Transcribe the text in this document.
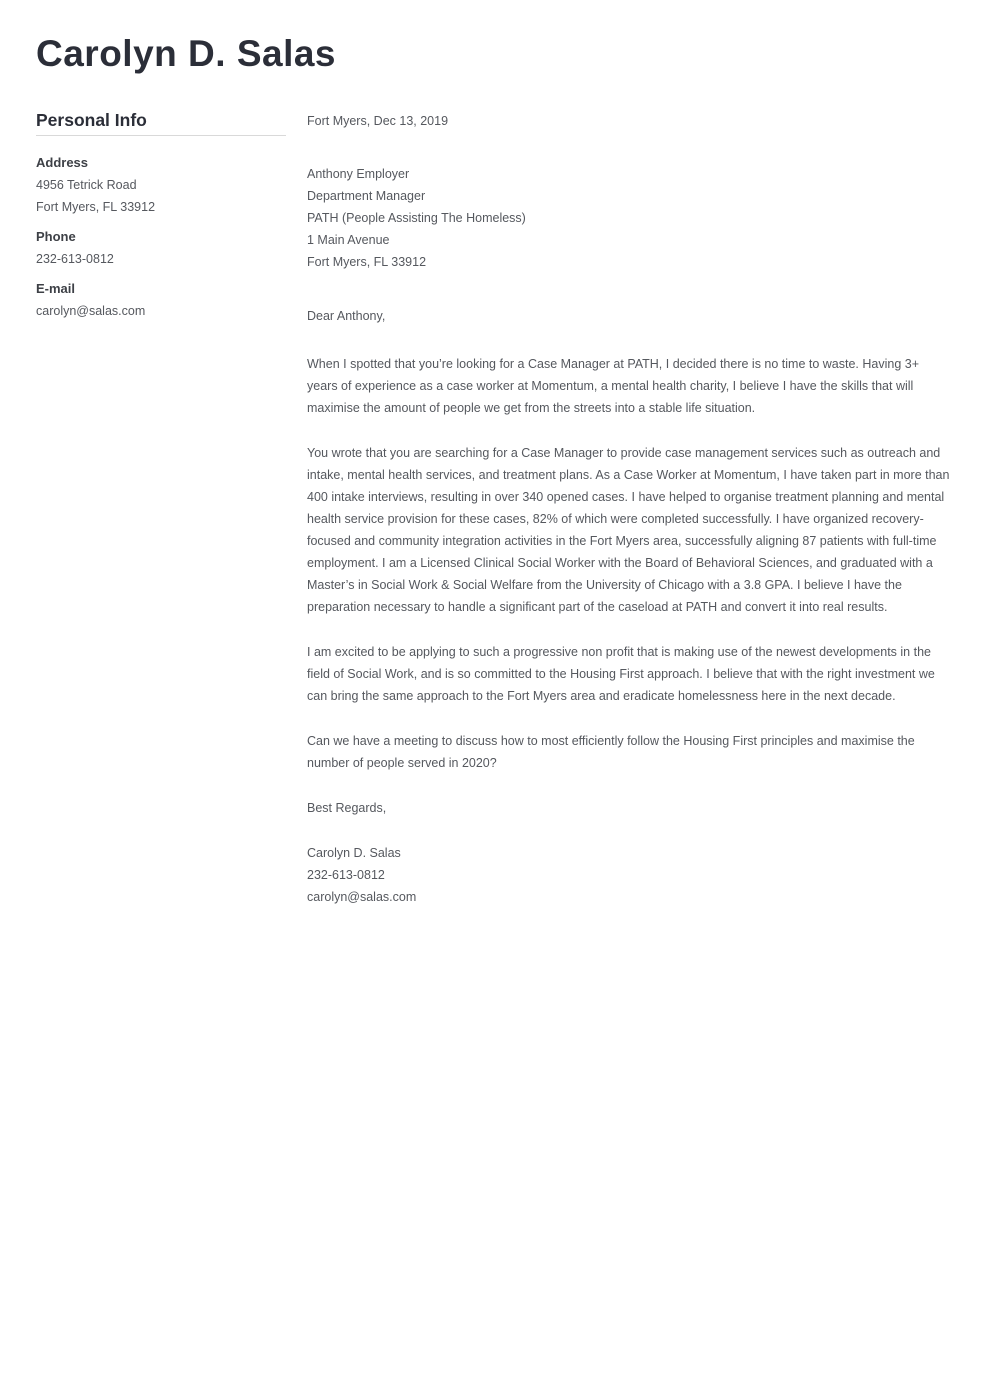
Carolyn D. Salas
Personal Info
Address
4956 Tetrick Road
Fort Myers, FL 33912
Phone
232-613-0812
E-mail
carolyn@salas.com

Fort Myers, Dec 13, 2019

Anthony Employer

Department Manager

PATH (People Assisting The Homeless)

1 Main Avenue

Fort Myers, FL 33912

Dear Anthony,

When I spotted that you’re looking for a Case Manager at PATH, I decided there is no time to waste. Having 3+ years of experience as a case worker at Momentum, a mental health charity, I believe I have the skills that will maximise the amount of people we get from the streets into a stable life situation.

You wrote that you are searching for a Case Manager to provide case management services such as outreach and intake, mental health services, and treatment plans. As a Case Worker at Momentum, I have taken part in more than 400 intake interviews, resulting in over 340 opened cases. I have helped to organise treatment planning and mental health service provision for these cases, 82% of which were completed successfully. I have organized recovery-focused and community integration activities in the Fort Myers area, successfully aligning 87 patients with full-time employment. I am a Licensed Clinical Social Worker with the Board of Behavioral Sciences, and graduated with a Master’s in Social Work & Social Welfare from the University of Chicago with a 3.8 GPA. I believe I have the preparation necessary to handle a significant part of the caseload at PATH and convert it into real results.

I am excited to be applying to such a progressive non profit that is making use of the newest developments in the field of Social Work, and is so committed to the Housing First approach. I believe that with the right investment we can bring the same approach to the Fort Myers area and eradicate homelessness here in the next decade.

Can we have a meeting to discuss how to most efficiently follow the Housing First principles and maximise the number of people served in 2020?

Best Regards,

Carolyn D. Salas

232-613-0812

carolyn@salas.com
